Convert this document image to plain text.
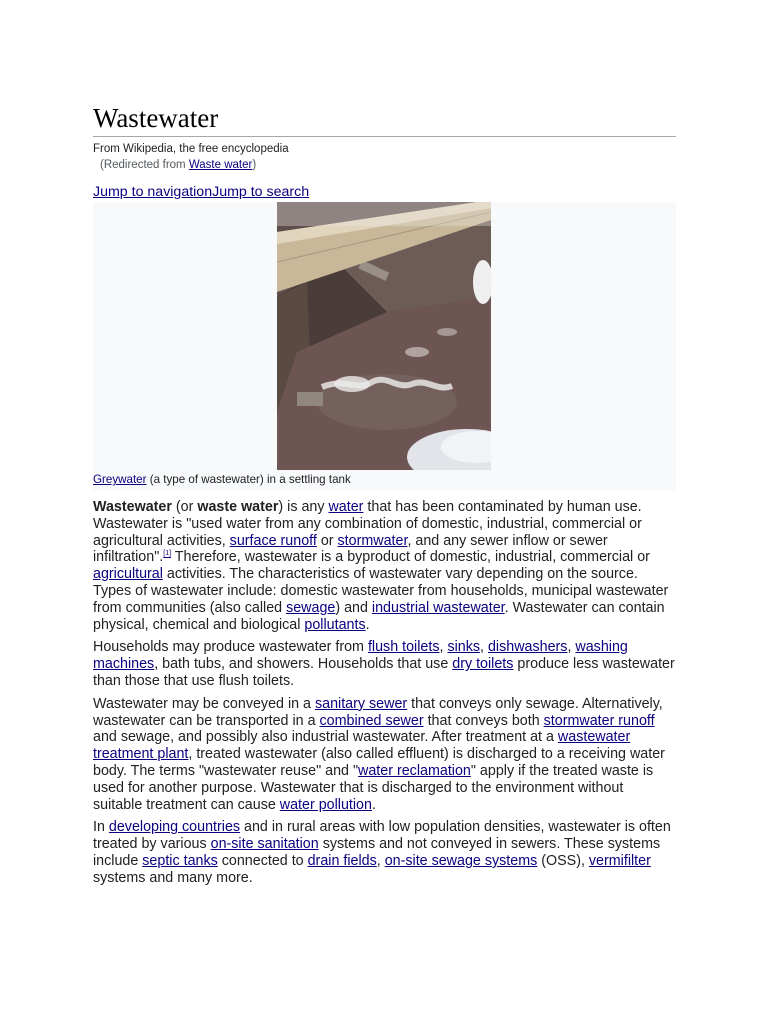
Wastewater
From Wikipedia, the free encyclopedia
(Redirected from Waste water)
Jump to navigationJump to search
Greywater (a type of wastewater) in a settling tank

Wastewater (or waste water) is any water that has been contaminated by human use. Wastewater is "used water from any combination of domestic, industrial, commercial or agricultural activities, surface runoff or stormwater, and any sewer inflow or sewer infiltration".[1] Therefore, wastewater is a byproduct of domestic, industrial, commercial or agricultural activities. The characteristics of wastewater vary depending on the source. Types of wastewater include: domestic wastewater from households, municipal wastewater from communities (also called sewage) and industrial wastewater. Wastewater can contain physical, chemical and biological pollutants.

Households may produce wastewater from flush toilets, sinks, dishwashers, washing machines, bath tubs, and showers. Households that use dry toilets produce less wastewater than those that use flush toilets.

Wastewater may be conveyed in a sanitary sewer that conveys only sewage. Alternatively, wastewater can be transported in a combined sewer that conveys both stormwater runoff and sewage, and possibly also industrial wastewater. After treatment at a wastewater treatment plant, treated wastewater (also called effluent) is discharged to a receiving water body. The terms "wastewater reuse" and "water reclamation" apply if the treated waste is used for another purpose. Wastewater that is discharged to the environment without suitable treatment can cause water pollution.

In developing countries and in rural areas with low population densities, wastewater is often treated by various on-site sanitation systems and not conveyed in sewers. These systems include septic tanks connected to drain fields, on-site sewage systems (OSS), vermifilter systems and many more.
